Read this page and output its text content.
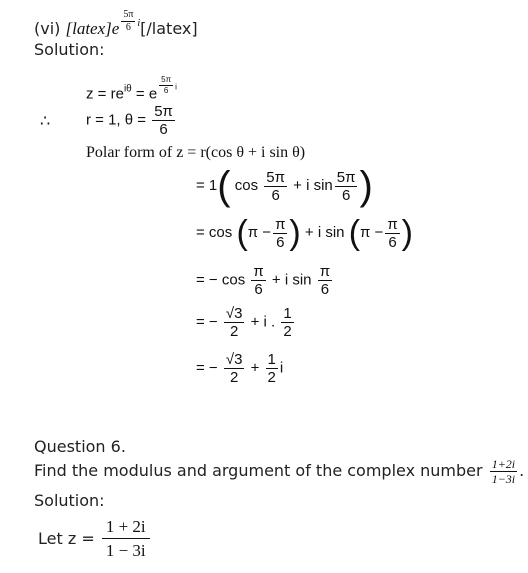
(vi) [latex]e $\frac{5\pi}{6}$ i[/latex]
Solution:
$z = re^{i\theta} = e \frac{5\pi}{6}$ i
∴ r = 1, $\theta = \frac{5\pi}{6}$
Polar form of z = r(cos θ + i sin θ)
= 1( $\cos \frac{5\pi}{6} + i$ $\sin \frac{5\pi}{6}$ )
= $\cos (\pi - \frac{\pi}{6}$ ) + i $\sin (\pi - \frac{\pi}{6}$ )
= − $\cos \frac{\pi}{6} + i$ $\sin \frac{\pi}{6}$
= − $\frac{√3}{2} + i$ . $\frac{1}{2}$
= − $\frac{√3}{2} + \frac{1}{2}$ i
Question 6.
Find the modulus and argument of the complex number $\frac{1+2i}{1-3i}$ .
Solution:
Let $z = \frac{1 + 2i}{1 - 3i}$
